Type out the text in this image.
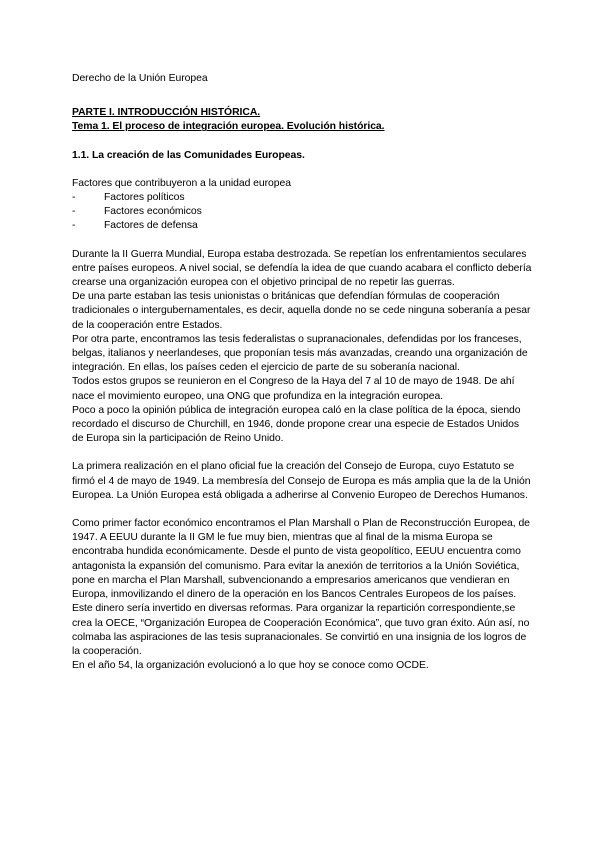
Derecho de la Unión Europea

PARTE I. INTRODUCCIÓN HISTÓRICA.

Tema 1. El proceso de integración europea. Evolución histórica.

1.1. La creación de las Comunidades Europeas.

Factores que contribuyeron a la unidad europea

-	Factores políticos
-	Factores económicos
-	Factores de defensa

Durante la II Guerra Mundial, Europa estaba destrozada. Se repetían los enfrentamientos seculares entre países europeos. A nivel social, se defendía la idea de que cuando acabara el conflicto debería crearse una organización europea con el objetivo principal de no repetir las guerras.

De una parte estaban las tesis unionistas o británicas que defendían fórmulas de cooperación tradicionales o intergubernamentales, es decir, aquella donde no se cede ninguna soberanía a pesar de la cooperación entre Estados.

Por otra parte, encontramos las tesis federalistas o supranacionales, defendidas por los franceses, belgas, italianos y neerlandeses, que proponían tesis más avanzadas, creando una organización de integración. En ellas, los países ceden el ejercicio de parte de su soberanía nacional.

Todos estos grupos se reunieron en el Congreso de la Haya del 7 al 10 de mayo de 1948. De ahí nace el movimiento europeo, una ONG que profundiza en la integración europea.

Poco a poco la opinión pública de integración europea caló en la clase política de la época, siendo recordado el discurso de Churchill, en 1946, donde propone crear una especie de Estados Unidos de Europa sin la participación de Reino Unido.

La primera realización en el plano oficial fue la creación del Consejo de Europa, cuyo Estatuto se firmó el 4 de mayo de 1949. La membresía del Consejo de Europa es más amplia que la de la Unión Europea. La Unión Europea está obligada a adherirse al Convenio Europeo de Derechos Humanos.

Como primer factor económico encontramos el Plan Marshall o Plan de Reconstrucción Europea, de 1947. A EEUU durante la II GM le fue muy bien, mientras que al final de la misma Europa se encontraba hundida económicamente. Desde el punto de vista geopolítico, EEUU encuentra como antagonista la expansión del comunismo. Para evitar la anexión de territorios a la Unión Soviética, pone en marcha el Plan Marshall, subvencionando a empresarios americanos que vendieran en Europa, inmovilizando el dinero de la operación en los Bancos Centrales Europeos de los países. Este dinero sería invertido en diversas reformas. Para organizar la repartición correspondiente,se crea la OECE, “Organización Europea de Cooperación Económica”, que tuvo gran éxito. Aún así, no colmaba las aspiraciones de las tesis supranacionales. Se convirtió en una insignia de los logros de la cooperación.

En el año 54, la organización evolucionó a lo que hoy se conoce como OCDE.
